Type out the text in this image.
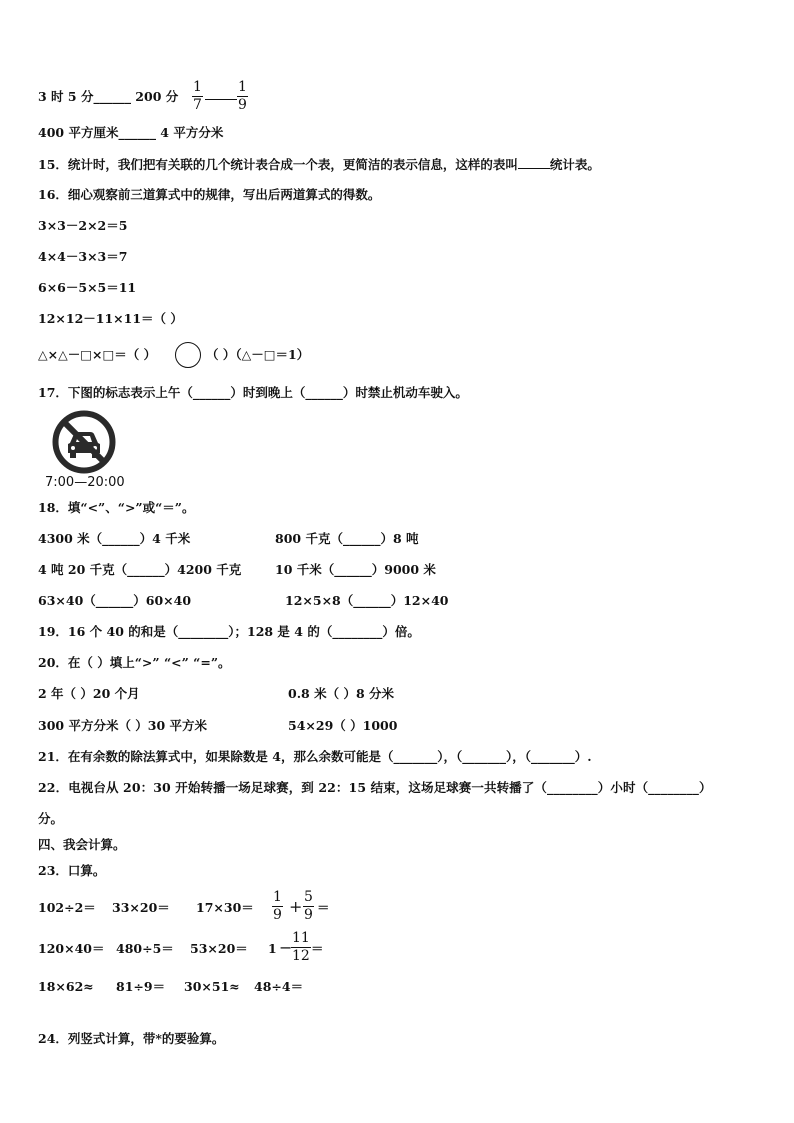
3 时 5 分______ 200 分 $\frac{1}{7} \frac{1}{9}$
400 平方厘米______ 4 平方分米
15．统计时，我们把有关联的几个统计表合成一个表，更简洁的表示信息，这样的表叫	统计表。
16．细心观察前三道算式中的规律，写出后两道算式的得数。
3×3－2×2＝5
4×4－3×3＝7
6×6－5×5＝11
12×12－11×11＝（ ）
△×△－□×□＝（ ）	（ ）（△－□＝1）
17．下图的标志表示上午（______）时到晚上（______）时禁止机动车驶入。
7:00—20:00
18．填“<”、“>”或“＝”。
4300 米（______）4 千米	800 千克（______）8 吨
4 吨 20 千克（______）4200 千克	10 千米（______）9000 米
63×40（______）60×40	12×5×8（______）12×40
19．16 个 40 的和是（________）；128 是 4 的（________）倍。
20．在（ ）填上“>” “<” “=”。
2 年（ ）20 个月	0.8 米（ ）8 分米
300 平方分米（ ）30 平方米	54×29（ ）1000
21．在有余数的除法算式中，如果除数是 4，那么余数可能是（_______），（_______），（_______）.
22．电视台从 20：30 开始转播一场足球赛，到 22：15 结束，这场足球赛一共转播了（________）小时（________）
分。
四、我会计算。
23．口算。
$102\div 2= 33\times 20= 17\times 30= \frac{1}{9} + \frac{5}{9}$ ＝
120×40＝ 480÷5＝ 53×20＝ 1 −
$\frac{11}{12}$ ＝
18×62≈ 81÷9＝ 30×51≈ 48÷4＝
24．列竖式计算，带*的要验算。
